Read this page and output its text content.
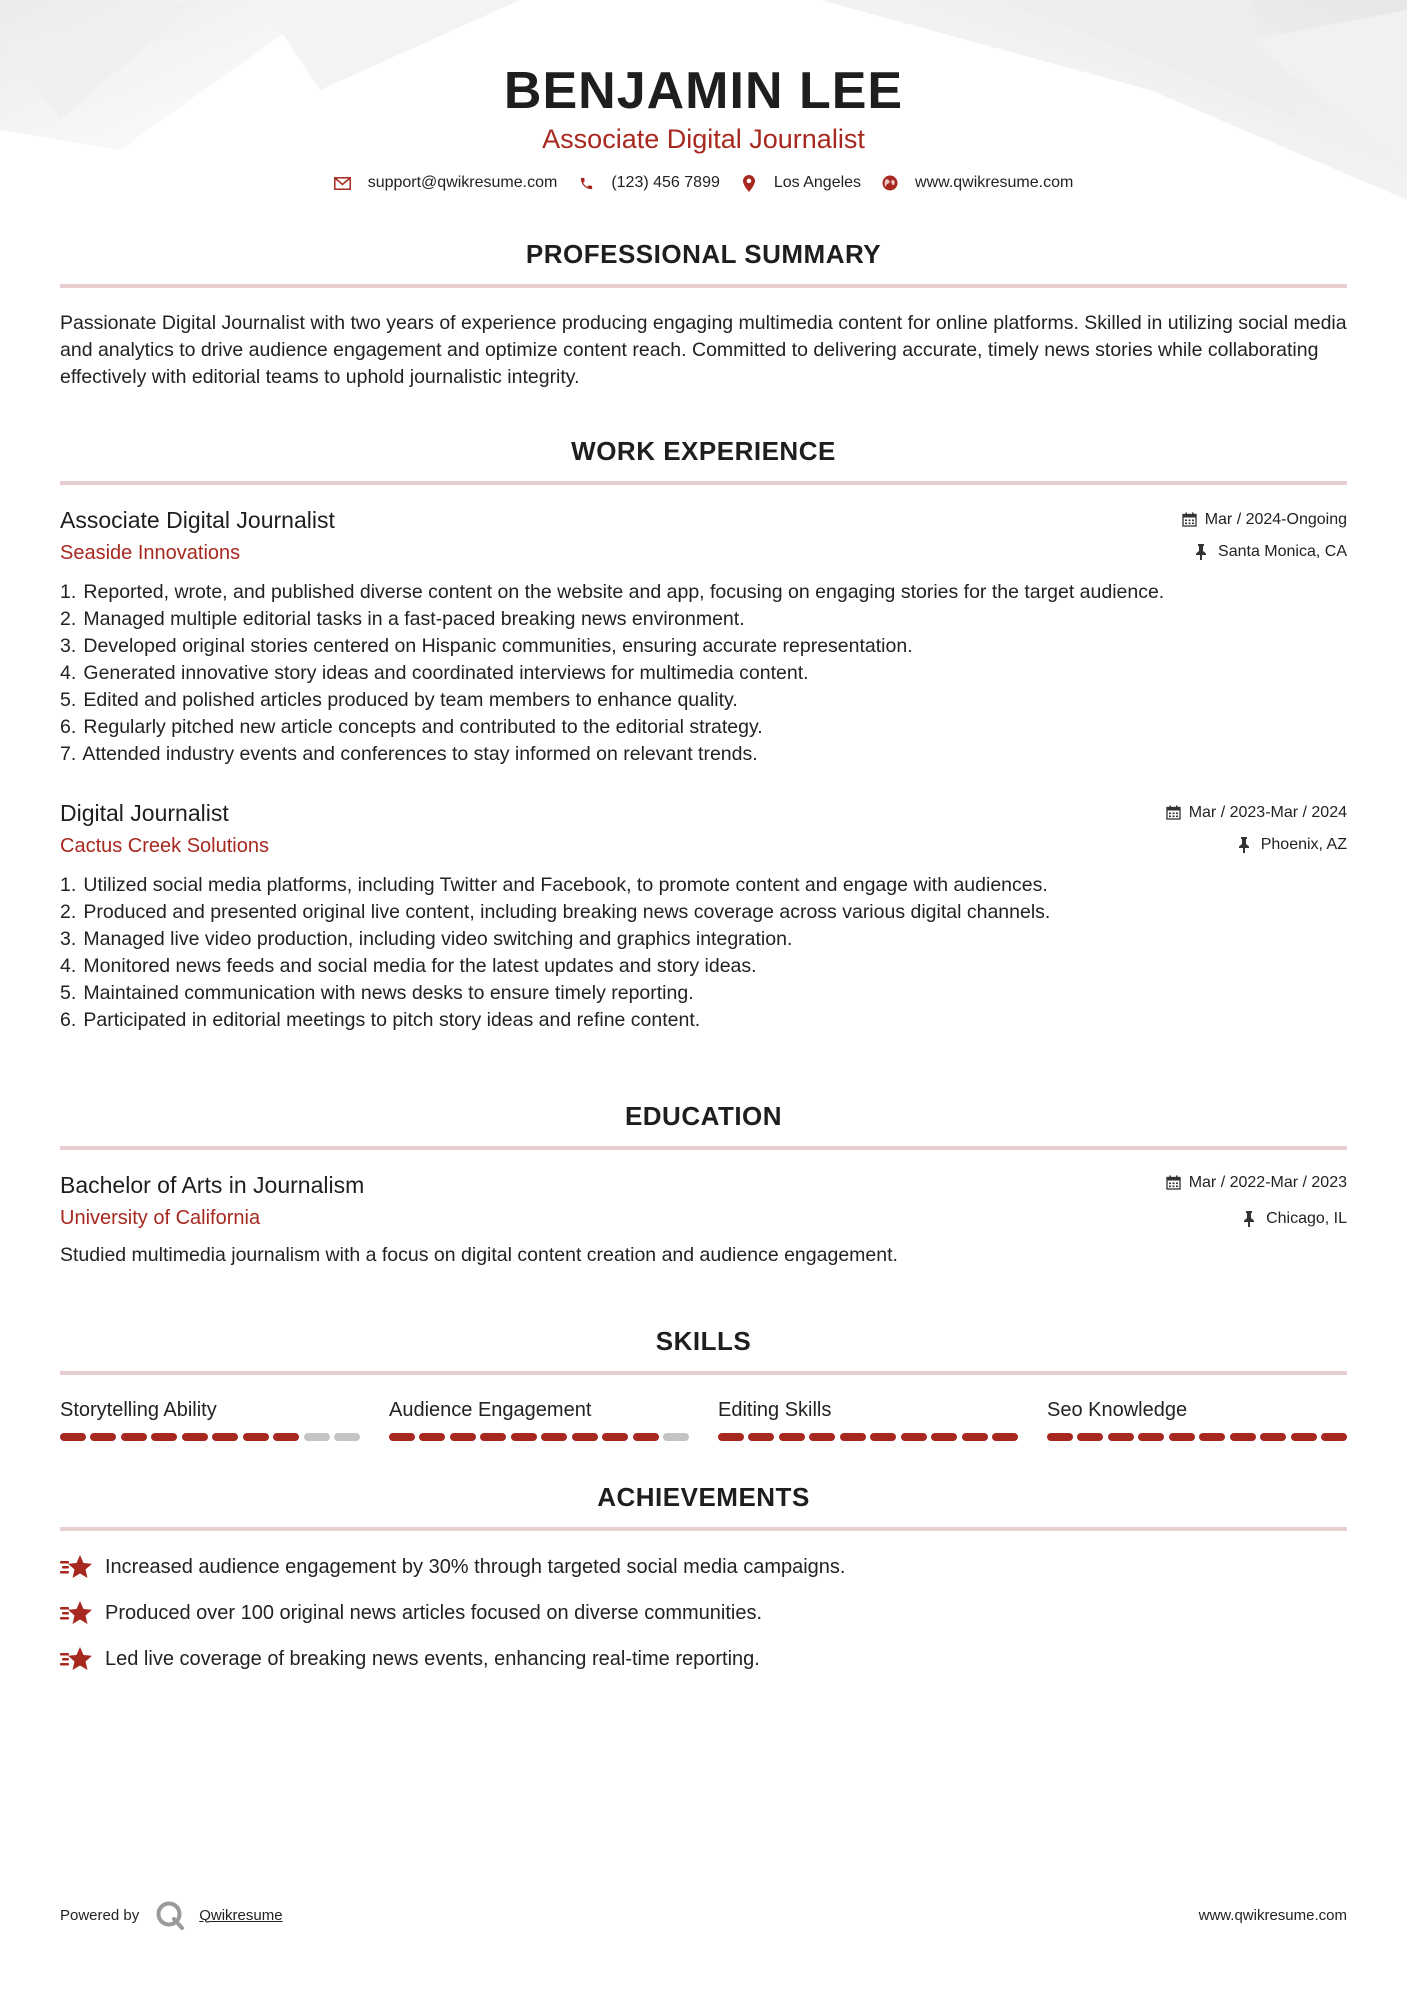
BENJAMIN LEE
Associate Digital Journalist
support@qwikresume.com	(123) 456 7899	Los Angeles	www.qwikresume.com
PROFESSIONAL SUMMARY

Passionate Digital Journalist with two years of experience producing engaging multimedia content for online platforms. Skilled in utilizing social media and analytics to drive audience engagement and optimize content reach. Committed to delivering accurate, timely news stories while collaborating effectively with editorial teams to uphold journalistic integrity.

WORK EXPERIENCE
Associate Digital Journalist
Seaside Innovations
Mar / 2024-Ongoing
Santa Monica, CA
1. Reported, wrote, and published diverse content on the website and app, focusing on engaging stories for the target audience.
2. Managed multiple editorial tasks in a fast-paced breaking news environment.
3. Developed original stories centered on Hispanic communities, ensuring accurate representation.
4. Generated innovative story ideas and coordinated interviews for multimedia content.
5. Edited and polished articles produced by team members to enhance quality.
6. Regularly pitched new article concepts and contributed to the editorial strategy.
7. Attended industry events and conferences to stay informed on relevant trends.
Digital Journalist
Cactus Creek Solutions
Mar / 2023-Mar / 2024
Phoenix, AZ
1. Utilized social media platforms, including Twitter and Facebook, to promote content and engage with audiences.
2. Produced and presented original live content, including breaking news coverage across various digital channels.
3. Managed live video production, including video switching and graphics integration.
4. Monitored news feeds and social media for the latest updates and story ideas.
5. Maintained communication with news desks to ensure timely reporting.
6. Participated in editorial meetings to pitch story ideas and refine content.
EDUCATION
Bachelor of Arts in Journalism
University of California
Mar / 2022-Mar / 2023
Chicago, IL

Studied multimedia journalism with a focus on digital content creation and audience engagement.

SKILLS
Storytelling Ability	Audience Engagement	Editing Skills	Seo Knowledge
ACHIEVEMENTS
Increased audience engagement by 30% through targeted social media campaigns.
Produced over 100 original news articles focused on diverse communities.
Led live coverage of breaking news events, enhancing real-time reporting.
Powered by	Qwikresume	www.qwikresume.com
